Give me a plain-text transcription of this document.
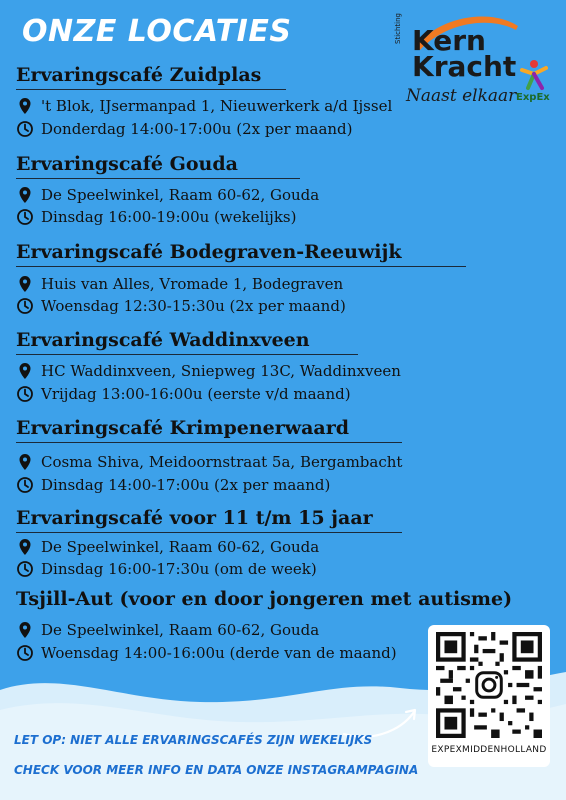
ONZE LOCATIES	Stichting Kern
Kracht
Naast elkaar ExpEx
Ervaringscafé Zuidplas
't Blok, IJsermanpad 1, Nieuwerkerk a/d Ijssel
Donderdag 14:00-17:00u (2x per maand)
Ervaringscafé Gouda
De Speelwinkel, Raam 60-62, Gouda
Dinsdag 16:00-19:00u (wekelijks)
Ervaringscafé Bodegraven-Reeuwijk
Huis van Alles, Vromade 1, Bodegraven
Woensdag 12:30-15:30u (2x per maand)
Ervaringscafé Waddinxveen
HC Waddinxveen, Sniepweg 13C, Waddinxveen
Vrijdag 13:00-16:00u (eerste v/d maand)
Ervaringscafé Krimpenerwaard
Cosma Shiva, Meidoornstraat 5a, Bergambacht
Dinsdag 14:00-17:00u (2x per maand)
Ervaringscafé voor 11 t/m 15 jaar
De Speelwinkel, Raam 60-62, Gouda
Dinsdag 16:00-17:30u (om de week)
Tsjill-Aut (voor en door jongeren met autisme)
De Speelwinkel, Raam 60-62, Gouda
Woensdag 14:00-16:00u (derde van de maand)
EXPEXMIDDENHOLLAND
LET OP: NIET ALLE ERVARINGSCAFÉS ZIJN WEKELIJKS
CHECK VOOR MEER INFO EN DATA ONZE INSTAGRAMPAGINA
